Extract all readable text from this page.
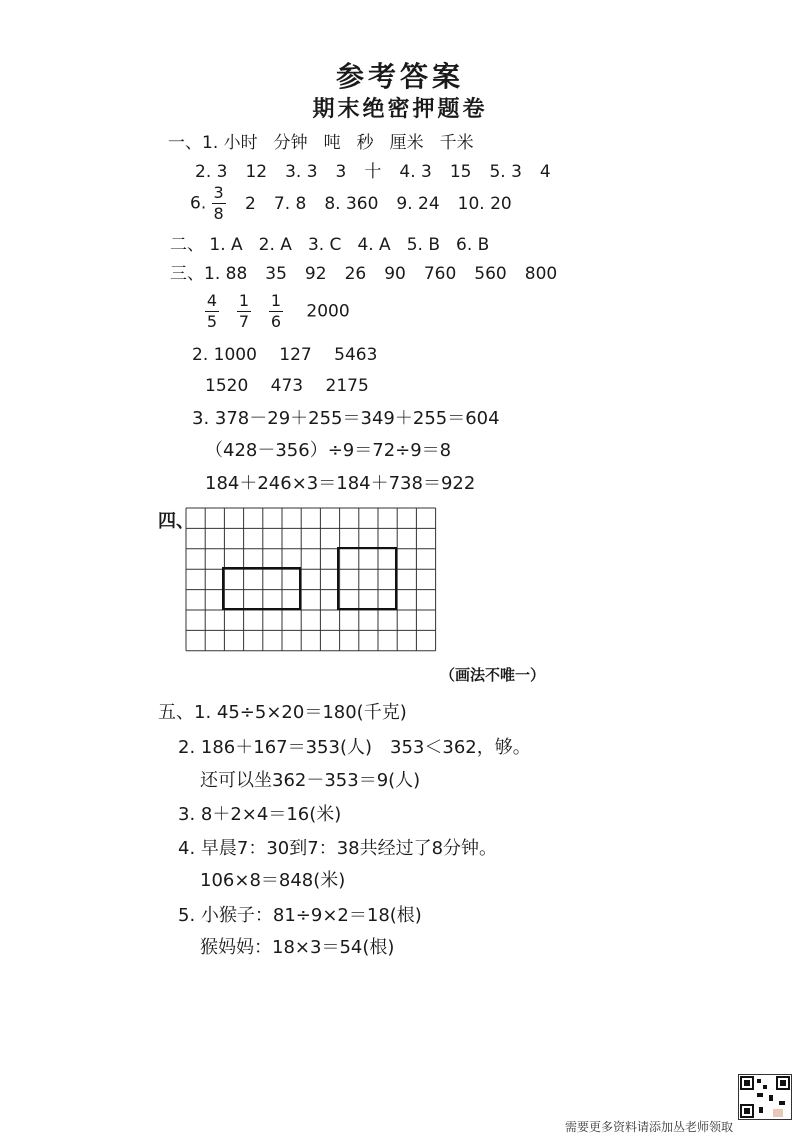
参考答案
期末绝密押题卷
一、1. 小时 分钟 吨 秒 厘米 千米
2. 3 12 3. 3 3 十 4. 3 15 5. 3 4
6. $\frac{3}{8} 2$ 7. 8 8. 360 9. 24 10. 20
二、 1. A 2. A 3. C 4. A 5. B 6. B
三、1. 88 35 92 26 90 760 560 800
$\frac{4}{5} \frac{1}{7} \frac{1}{6} 2000$
2. 1000　 127　 5463
1520　 473　 2175
3. 378－29＋255＝349＋255＝604
（428－356）÷9＝72÷9＝8
184＋246×3＝184＋738＝922
四、
（画法不唯一）
五、1. 45÷5×20＝180(千克)
2. 186＋167＝353(人)　353＜362，够。
还可以坐362－353＝9(人)
3. 8＋2×4＝16(米)
4. 早晨7：30到7：38共经过了8分钟。
106×8＝848(米)
5. 小猴子：81÷9×2＝18(根)
猴妈妈：18×3＝54(根)
需要更多资料请添加丛老师领取
